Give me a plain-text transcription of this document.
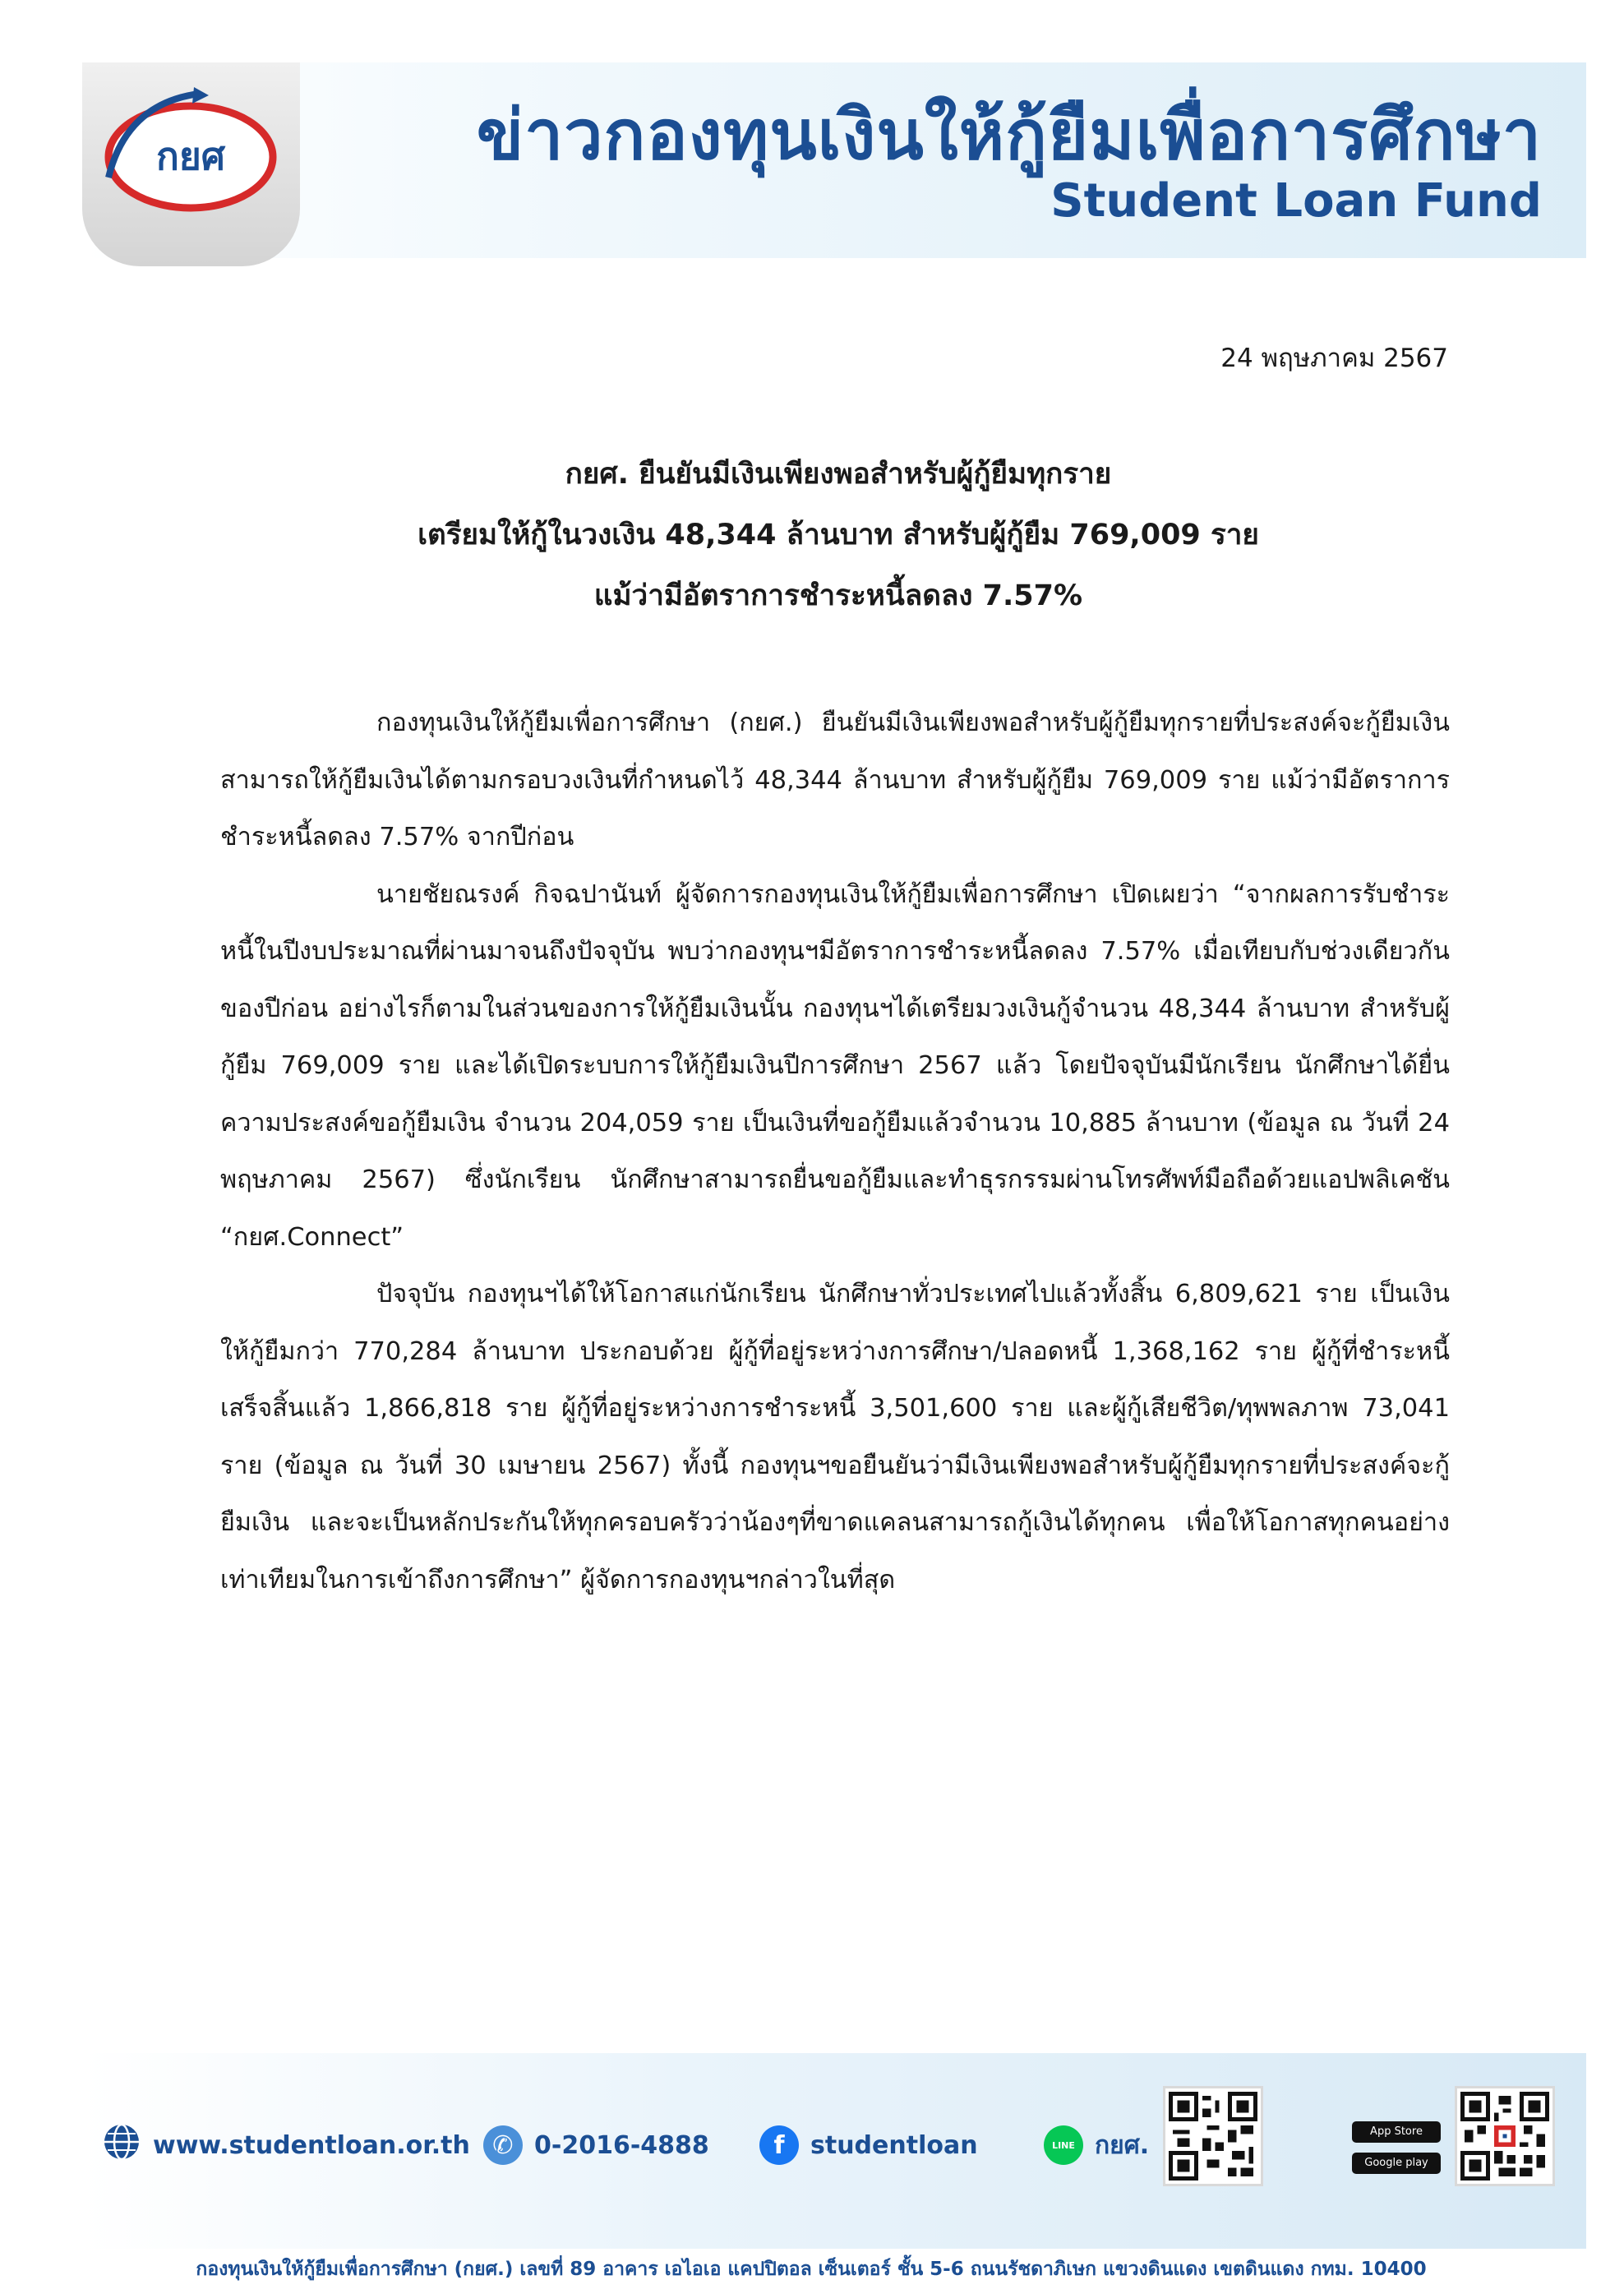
กยศ	ข่าวกองทุนเงินให้กู้ยืมเพื่อการศึกษา
Student Loan Fund
24 พฤษภาคม 2567
กยศ. ยืนยันมีเงินเพียงพอสำหรับผู้กู้ยืมทุกราย
เตรียมให้กู้ในวงเงิน 48,344 ล้านบาท สำหรับผู้กู้ยืม 769,009 ราย
แม้ว่ามีอัตราการชำระหนี้ลดลง 7.57%

กองทุนเงินให้กู้ยืมเพื่อการศึกษา (กยศ.) ยืนยันมีเงินเพียงพอสำหรับผู้กู้ยืมทุกรายที่ประสงค์จะกู้ยืมเงิน สามารถให้กู้ยืมเงินได้ตามกรอบวงเงินที่กำหนดไว้ 48,344 ล้านบาท สำหรับผู้กู้ยืม 769,009 ราย แม้ว่ามีอัตราการชำระหนี้ลดลง 7.57% จากปีก่อน

นายชัยณรงค์ กิจฉปานันท์ ผู้จัดการกองทุนเงินให้กู้ยืมเพื่อการศึกษา เปิดเผยว่า “จากผลการรับชำระหนี้ในปีงบประมาณที่ผ่านมาจนถึงปัจจุบัน พบว่ากองทุนฯมีอัตราการชำระหนี้ลดลง 7.57% เมื่อเทียบกับช่วงเดียวกันของปีก่อน อย่างไรก็ตามในส่วนของการให้กู้ยืมเงินนั้น กองทุนฯได้เตรียมวงเงินกู้จำนวน 48,344 ล้านบาท สำหรับผู้กู้ยืม 769,009 ราย และได้เปิดระบบการให้กู้ยืมเงินปีการศึกษา 2567 แล้ว โดยปัจจุบันมีนักเรียน นักศึกษาได้ยื่นความประสงค์ขอกู้ยืมเงิน จำนวน 204,059 ราย เป็นเงินที่ขอกู้ยืมแล้วจำนวน 10,885 ล้านบาท (ข้อมูล ณ วันที่ 24 พฤษภาคม 2567) ซึ่งนักเรียน นักศึกษาสามารถยื่นขอกู้ยืมและทำธุรกรรมผ่านโทรศัพท์มือถือด้วยแอปพลิเคชัน “กยศ.Connect”

ปัจจุบัน กองทุนฯได้ให้โอกาสแก่นักเรียน นักศึกษาทั่วประเทศไปแล้วทั้งสิ้น 6,809,621 ราย เป็นเงินให้กู้ยืมกว่า 770,284 ล้านบาท ประกอบด้วย ผู้กู้ที่อยู่ระหว่างการศึกษา/ปลอดหนี้ 1,368,162 ราย ผู้กู้ที่ชำระหนี้เสร็จสิ้นแล้ว 1,866,818 ราย ผู้กู้ที่อยู่ระหว่างการชำระหนี้ 3,501,600 ราย และผู้กู้เสียชีวิต/ทุพพลภาพ 73,041 ราย (ข้อมูล ณ วันที่ 30 เมษายน 2567) ทั้งนี้ กองทุนฯขอยืนยันว่ามีเงินเพียงพอสำหรับผู้กู้ยืมทุกรายที่ประสงค์จะกู้ยืมเงิน และจะเป็นหลักประกันให้ทุกครอบครัวว่าน้องๆที่ขาดแคลนสามารถกู้เงินได้ทุกคน เพื่อให้โอกาสทุกคนอย่างเท่าเทียมในการเข้าถึงการศึกษา” ผู้จัดการกองทุนฯกล่าวในที่สุด

www.studentloan.or.th ✆ 0-2016-4888	f	studentloan	LINE กยศ.	App Store
Google play
กองทุนเงินให้กู้ยืมเพื่อการศึกษา (กยศ.) เลขที่ 89 อาคาร เอไอเอ แคปปิตอล เซ็นเตอร์ ชั้น 5-6 ถนนรัชดาภิเษก แขวงดินแดง เขตดินแดง กทม. 10400
